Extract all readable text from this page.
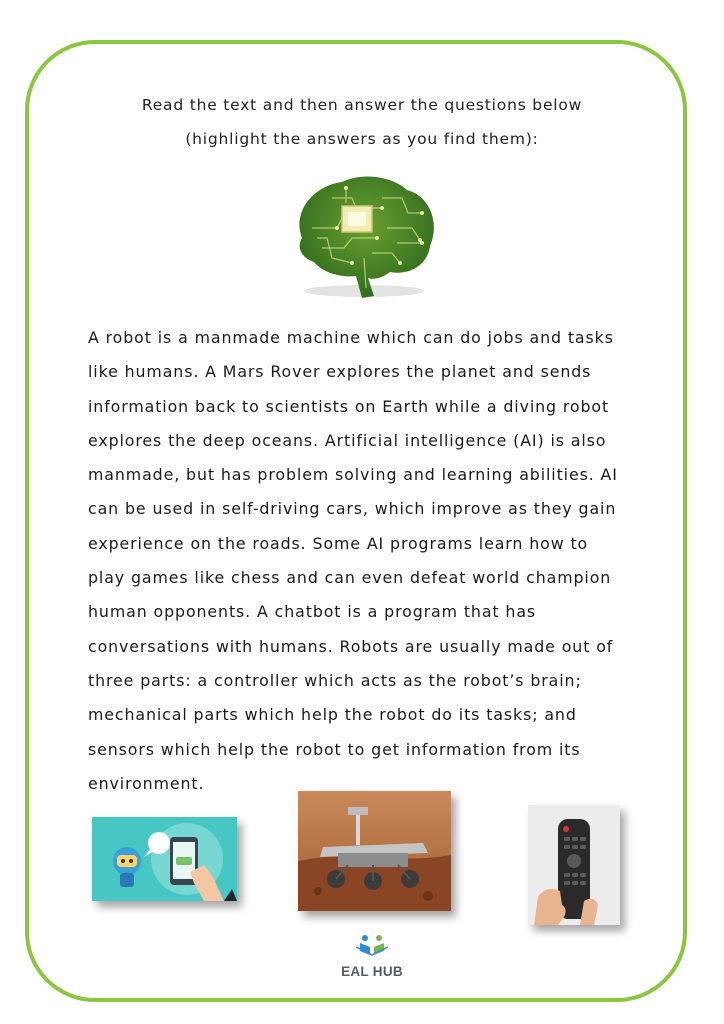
Read the text and then answer the questions below
(highlight the answers as you find them):
A robot is a manmade machine which can do jobs and tasks
like humans. A Mars Rover explores the planet and sends
information back to scientists on Earth while a diving robot
explores the deep oceans. Artificial intelligence (AI) is also
manmade, but has problem solving and learning abilities. AI
can be used in self-driving cars, which improve as they gain
experience on the roads. Some AI programs learn how to
play games like chess and can even defeat world champion
human opponents. A chatbot is a program that has
conversations with humans. Robots are usually made out of
three parts: a controller which acts as the robot’s brain;
mechanical parts which help the robot do its tasks; and
sensors which help the robot to get information from its
environment.
EAL HUB
